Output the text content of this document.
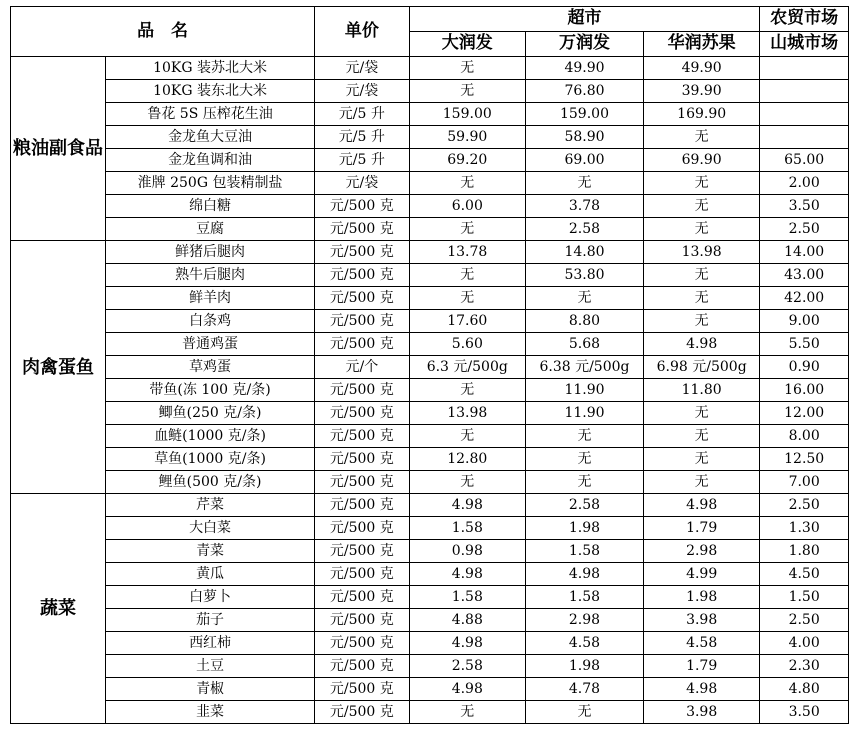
品　名		单价	超市			农贸市场
			大润发	万润发	华润苏果	山城市场
粮油副食品	10KG 装苏北大米	元/袋	无	49.90	49.90	
	10KG 装东北大米	元/袋	无	76.80	39.90	
	鲁花 5S 压榨花生油	元/5 升	159.00	159.00	169.90	
	金龙鱼大豆油	元/5 升	59.90	58.90	无	
	金龙鱼调和油	元/5 升	69.20	69.00	69.90	65.00
	淮牌 250G 包装精制盐	元/袋	无	无	无	2.00
	绵白糖	元/500 克	6.00	3.78	无	3.50
	豆腐	元/500 克	无	2.58	无	2.50
肉禽蛋鱼	鲜猪后腿肉	元/500 克	13.78	14.80	13.98	14.00
	熟牛后腿肉	元/500 克	无	53.80	无	43.00
	鲜羊肉	元/500 克	无	无	无	42.00
	白条鸡	元/500 克	17.60	8.80	无	9.00
	普通鸡蛋	元/500 克	5.60	5.68	4.98	5.50
	草鸡蛋	元/个	6.3 元/500g	6.38 元/500g	6.98 元/500g	0.90
	带鱼(冻 100 克/条)	元/500 克	无	11.90	11.80	16.00
	鲫鱼(250 克/条)	元/500 克	13.98	11.90	无	12.00
	血鲢(1000 克/条)	元/500 克	无	无	无	8.00
	草鱼(1000 克/条)	元/500 克	12.80	无	无	12.50
	鲤鱼(500 克/条)	元/500 克	无	无	无	7.00
蔬菜	芹菜	元/500 克	4.98	2.58	4.98	2.50
	大白菜	元/500 克	1.58	1.98	1.79	1.30
	青菜	元/500 克	0.98	1.58	2.98	1.80
	黄瓜	元/500 克	4.98	4.98	4.99	4.50
	白萝卜	元/500 克	1.58	1.58	1.98	1.50
	茄子	元/500 克	4.88	2.98	3.98	2.50
	西红柿	元/500 克	4.98	4.58	4.58	4.00
	土豆	元/500 克	2.58	1.98	1.79	2.30
	青椒	元/500 克	4.98	4.78	4.98	4.80
	韭菜	元/500 克	无	无	3.98	3.50
